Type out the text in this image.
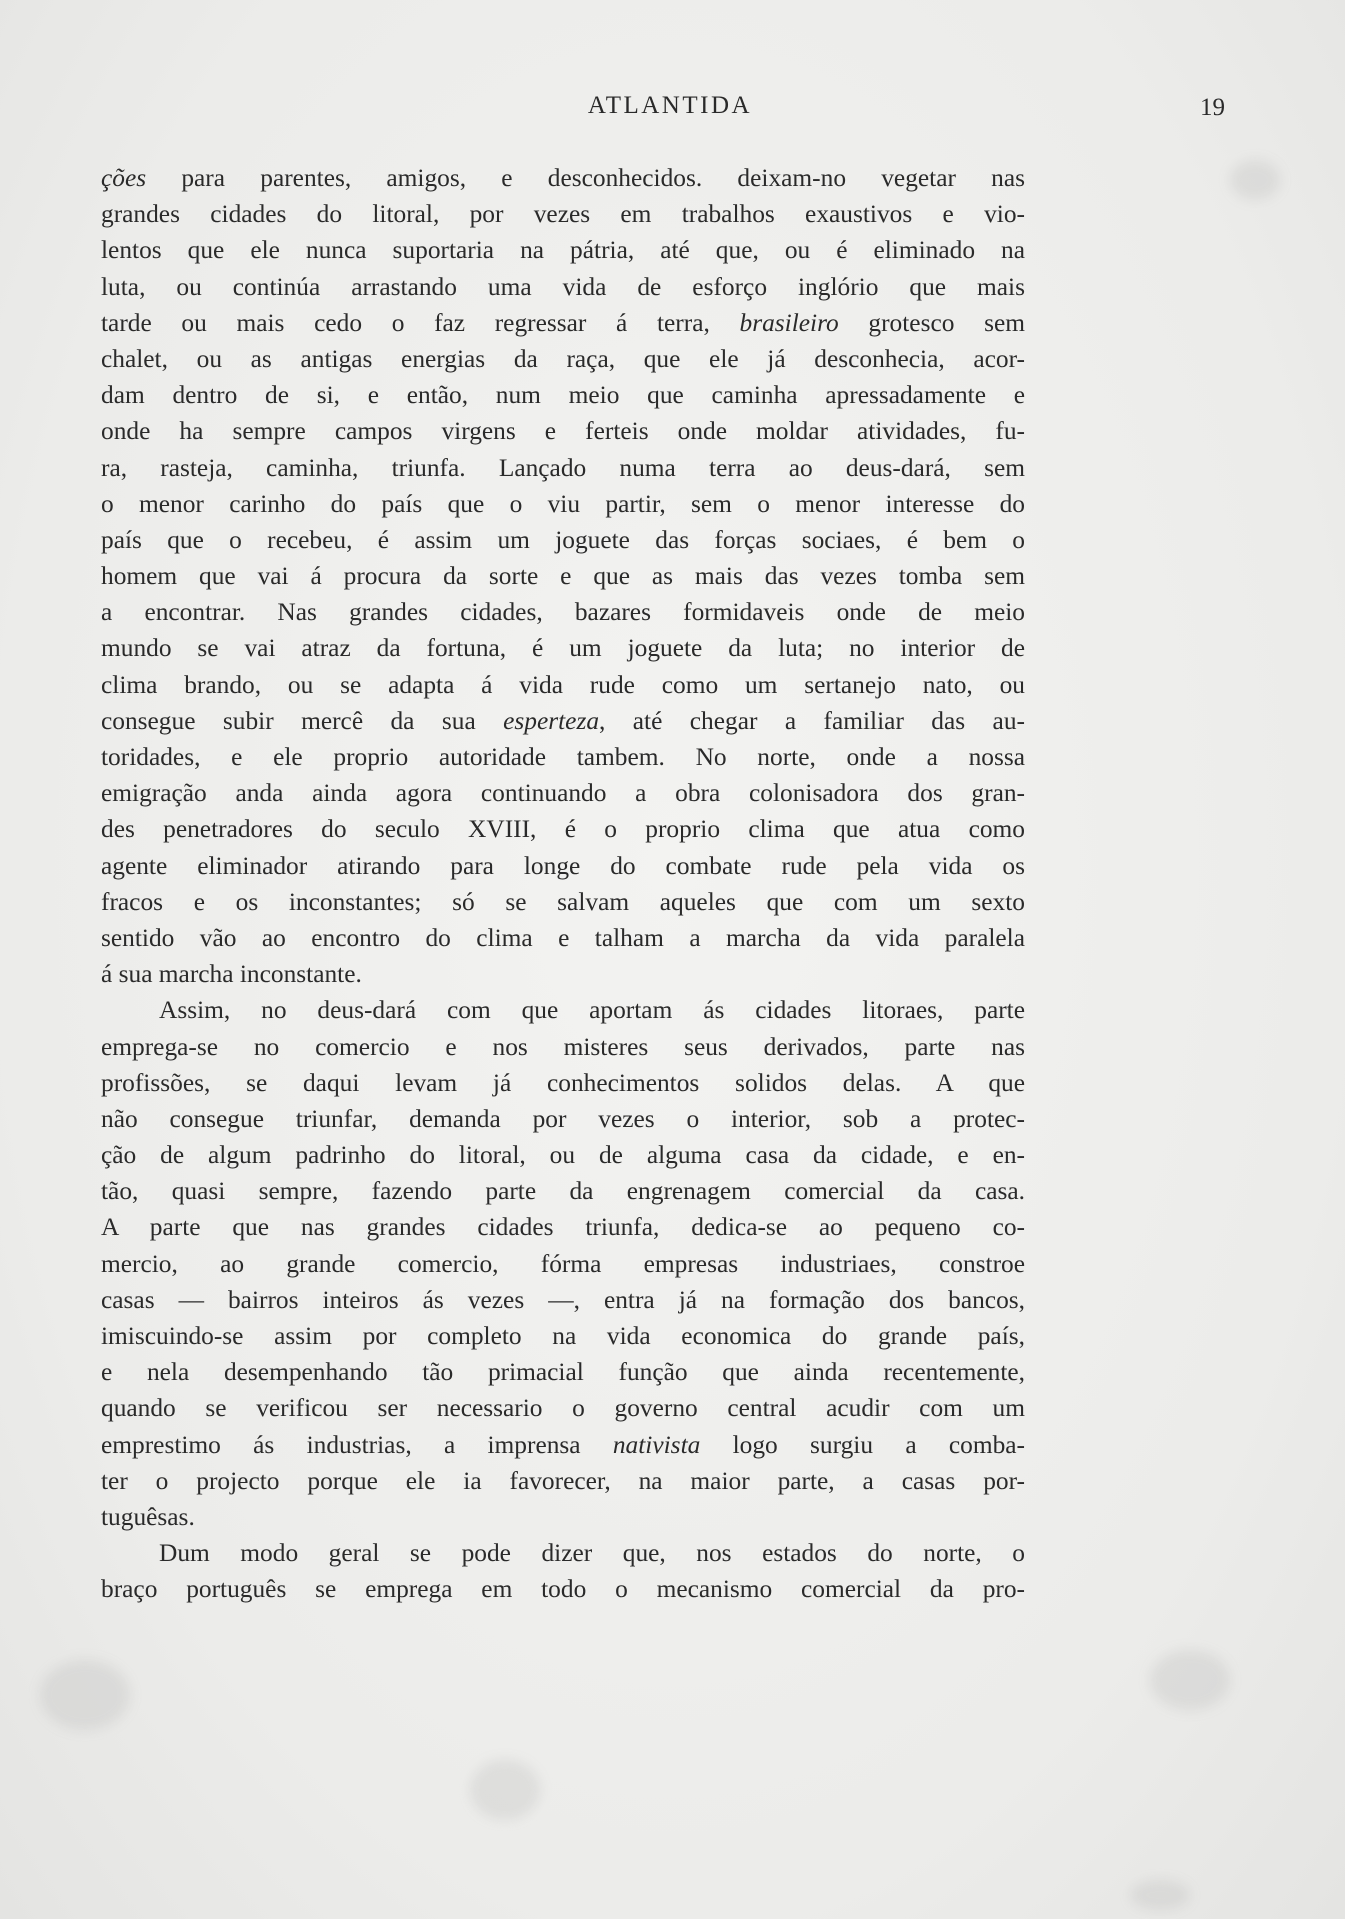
ATLANTIDA	19
ções para parentes, amigos, e desconhecidos. deixam-no vegetar nas
grandes cidades do litoral, por vezes em trabalhos exaustivos e vio-
lentos que ele nunca suportaria na pátria, até que, ou é eliminado na
luta, ou continúa arrastando uma vida de esforço inglório que mais
tarde ou mais cedo o faz regressar á terra, brasileiro grotesco sem
chalet, ou as antigas energias da raça, que ele já desconhecia, acor-
dam dentro de si, e então, num meio que caminha apressadamente e
onde ha sempre campos virgens e ferteis onde moldar atividades, fu-
ra, rasteja, caminha, triunfa. Lançado numa terra ao deus-dará, sem
o menor carinho do país que o viu partir, sem o menor interesse do
país que o recebeu, é assim um joguete das forças sociaes, é bem o
homem que vai á procura da sorte e que as mais das vezes tomba sem
a encontrar. Nas grandes cidades, bazares formidaveis onde de meio
mundo se vai atraz da fortuna, é um joguete da luta; no interior de
clima brando, ou se adapta á vida rude como um sertanejo nato, ou
consegue subir mercê da sua esperteza, até chegar a familiar das au-
toridades, e ele proprio autoridade tambem. No norte, onde a nossa
emigração anda ainda agora continuando a obra colonisadora dos gran-
des penetradores do seculo XVIII, é o proprio clima que atua como
agente eliminador atirando para longe do combate rude pela vida os
fracos e os inconstantes; só se salvam aqueles que com um sexto
sentido vão ao encontro do clima e talham a marcha da vida paralela
á sua marcha inconstante.
Assim, no deus-dará com que aportam ás cidades litoraes, parte
emprega-se no comercio e nos misteres seus derivados, parte nas
profissões, se daqui levam já conhecimentos solidos delas. A que
não consegue triunfar, demanda por vezes o interior, sob a protec-
ção de algum padrinho do litoral, ou de alguma casa da cidade, e en-
tão, quasi sempre, fazendo parte da engrenagem comercial da casa.
A parte que nas grandes cidades triunfa, dedica-se ao pequeno co-
mercio, ao grande comercio, fórma empresas industriaes, constroe
casas — bairros inteiros ás vezes —, entra já na formação dos bancos,
imiscuindo-se assim por completo na vida economica do grande país,
e nela desempenhando tão primacial função que ainda recentemente,
quando se verificou ser necessario o governo central acudir com um
emprestimo ás industrias, a imprensa nativista logo surgiu a comba-
ter o projecto porque ele ia favorecer, na maior parte, a casas por-
tuguêsas.
Dum modo geral se pode dizer que, nos estados do norte, o
braço português se emprega em todo o mecanismo comercial da pro-
